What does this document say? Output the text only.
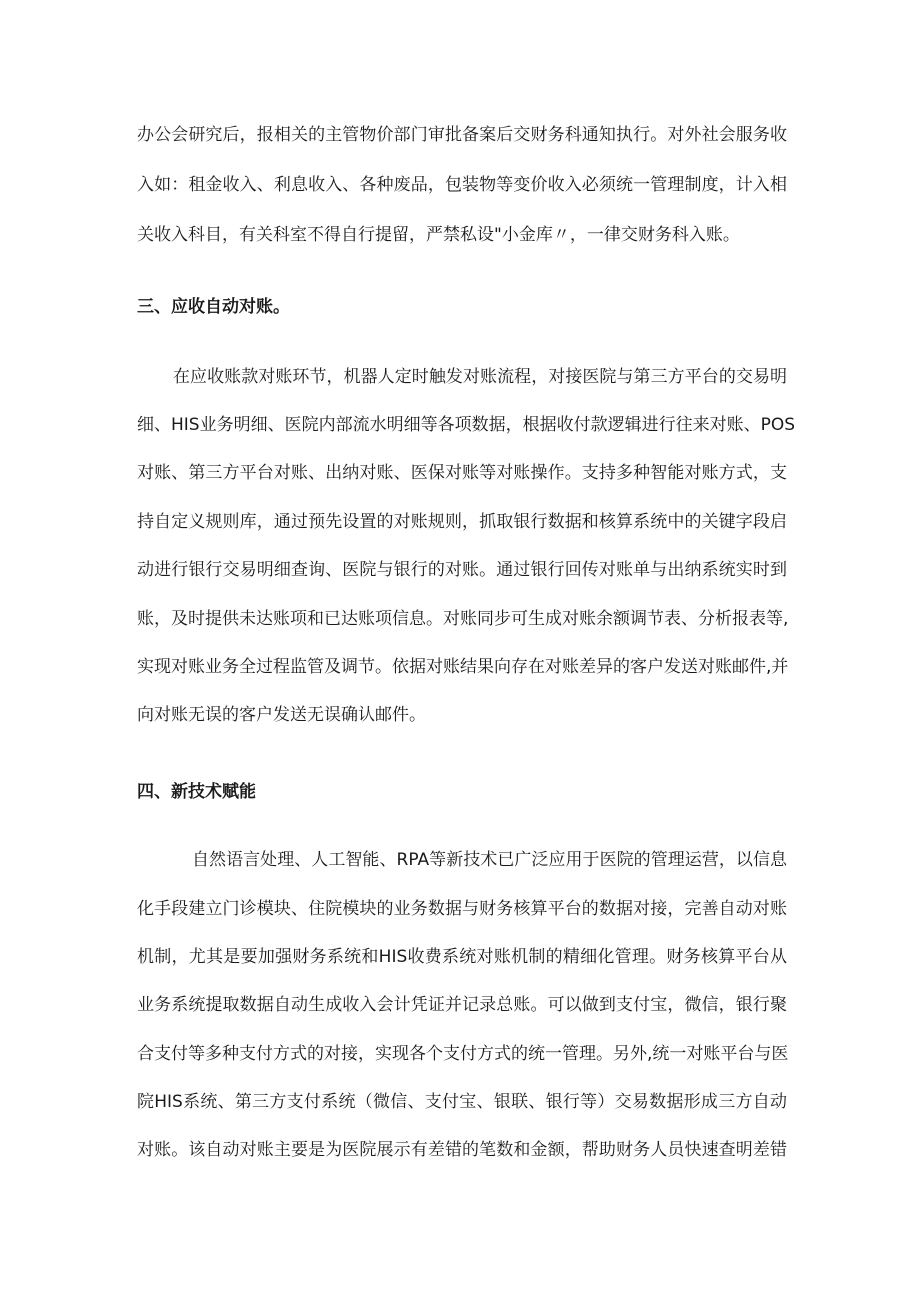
办公会研究后，报相关的主管物价部门审批备案后交财务科通知执行。对外社会服务收
入如：租金收入、利息收入、各种废品，包装物等变价收入必须统一管理制度，计入相
关收入科目，有关科室不得自行提留，严禁私设"小金库〃，一律交财务科入账。
三、应收自动对账。
在应收账款对账环节，机器人定时触发对账流程，对接医院与第三方平台的交易明
细、HIS业务明细、医院内部流水明细等各项数据，根据收付款逻辑进行往来对账、POS
对账、第三方平台对账、出纳对账、医保对账等对账操作。支持多种智能对账方式，支
持自定义规则库，通过预先设置的对账规则，抓取银行数据和核算系统中的关键字段启
动进行银行交易明细查询、医院与银行的对账。通过银行回传对账单与出纳系统实时到
账，及时提供未达账项和已达账项信息。对账同步可生成对账余额调节表、分析报表等,
实现对账业务全过程监管及调节。依据对账结果向存在对账差异的客户发送对账邮件,并
向对账无误的客户发送无误确认邮件。
四、新技术赋能
自然语言处理、人工智能、RPA等新技术已广泛应用于医院的管理运营，以信息
化手段建立门诊模块、住院模块的业务数据与财务核算平台的数据对接，完善自动对账
机制，尤其是要加强财务系统和HIS收费系统对账机制的精细化管理。财务核算平台从
业务系统提取数据自动生成收入会计凭证并记录总账。可以做到支付宝，微信，银行聚
合支付等多种支付方式的对接，实现各个支付方式的统一管理。另外,统一对账平台与医
院HIS系统、第三方支付系统（微信、支付宝、银联、银行等）交易数据形成三方自动
对账。该自动对账主要是为医院展示有差错的笔数和金额，帮助财务人员快速查明差错
